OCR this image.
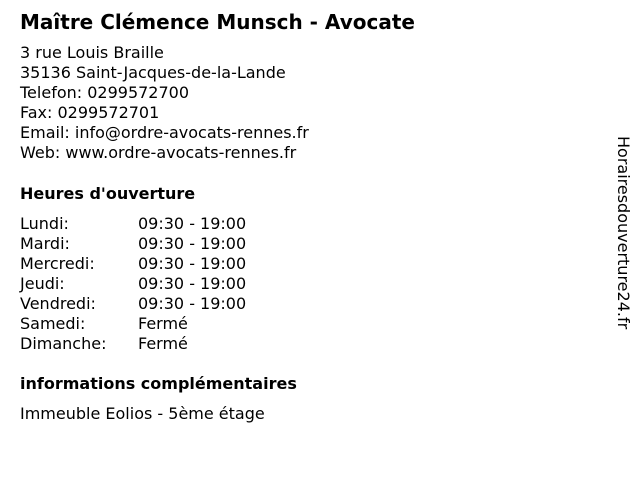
Maître Clémence Munsch - Avocate
3 rue Louis Braille
35136 Saint-Jacques-de-la-Lande
Telefon: 0299572700
Fax: 0299572701
Email: info@ordre-avocats-rennes.fr
Web: www.ordre-avocats-rennes.fr
Heures d'ouverture
Lundi:	09:30 - 19:00
Mardi:	09:30 - 19:00
Mercredi:	09:30 - 19:00
Jeudi:	09:30 - 19:00
Vendredi:	09:30 - 19:00
Samedi:	Fermé
Dimanche:	Fermé
informations complémentaires
Immeuble Eolios - 5ème étage
Horairesdouverture24.fr
